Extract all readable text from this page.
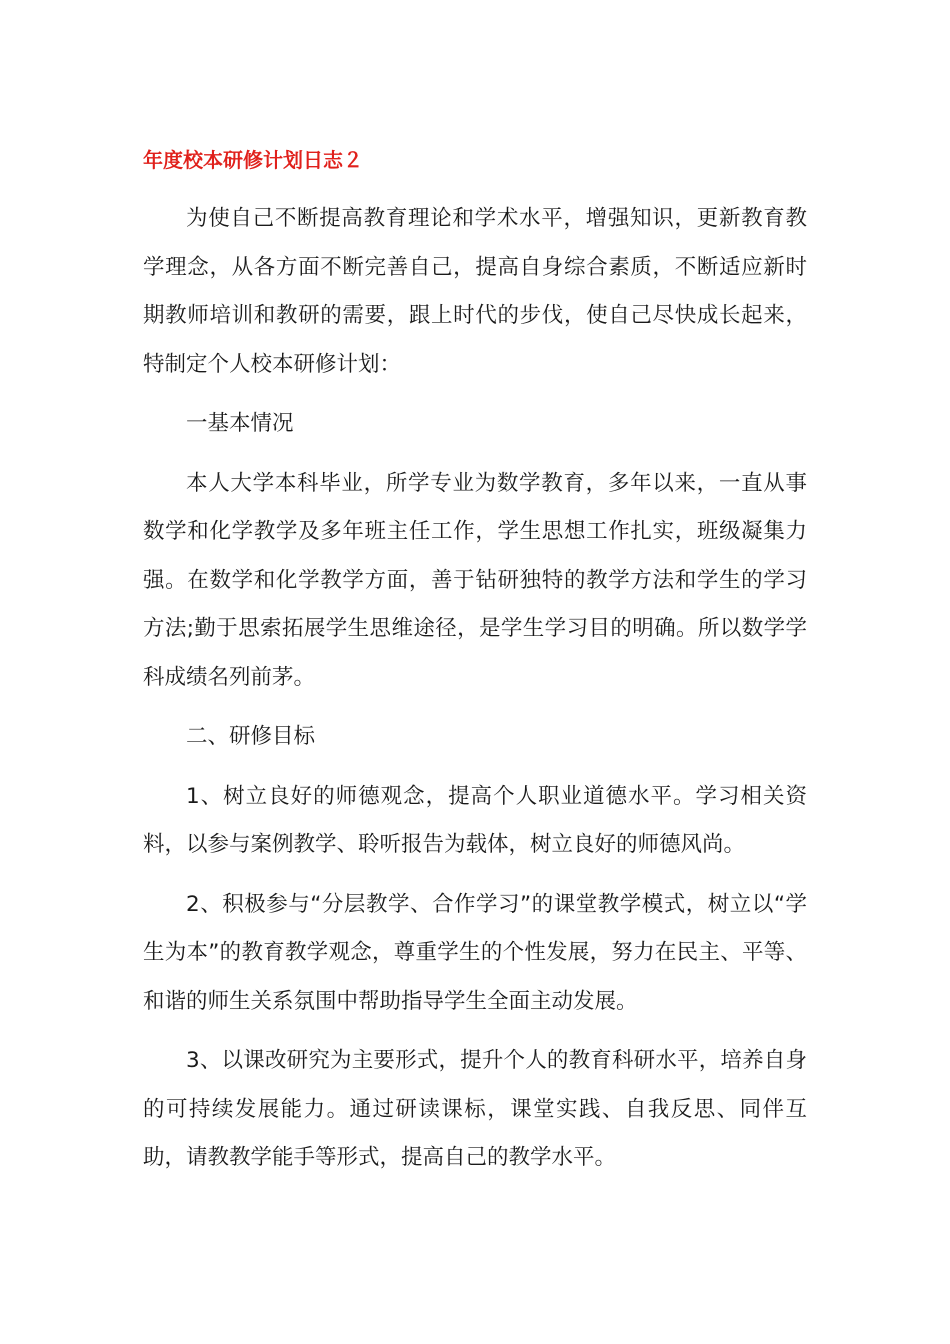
年度校本研修计划日志２

为使自己不断提高教育理论和学术水平，增强知识，更新教育教学理念，从各方面不断完善自己，提高自身综合素质，不断适应新时期教师培训和教研的需要，跟上时代的步伐，使自己尽快成长起来，特制定个人校本研修计划：

一基本情况

本人大学本科毕业，所学专业为数学教育，多年以来，一直从事数学和化学教学及多年班主任工作，学生思想工作扎实，班级凝集力强。在数学和化学教学方面，善于钻研独特的教学方法和学生的学习方法;勤于思索拓展学生思维途径，是学生学习目的明确。所以数学学科成绩名列前茅。

二、研修目标

1、树立良好的师德观念，提高个人职业道德水平。学习相关资料，以参与案例教学、聆听报告为载体，树立良好的师德风尚。

2、积极参与“分层教学、合作学习”的课堂教学模式，树立以“学生为本”的教育教学观念，尊重学生的个性发展，努力在民主、平等、和谐的师生关系氛围中帮助指导学生全面主动发展。

3、以课改研究为主要形式，提升个人的教育科研水平，培养自身的可持续发展能力。通过研读课标，课堂实践、自我反思、同伴互助，请教教学能手等形式，提高自己的教学水平。
